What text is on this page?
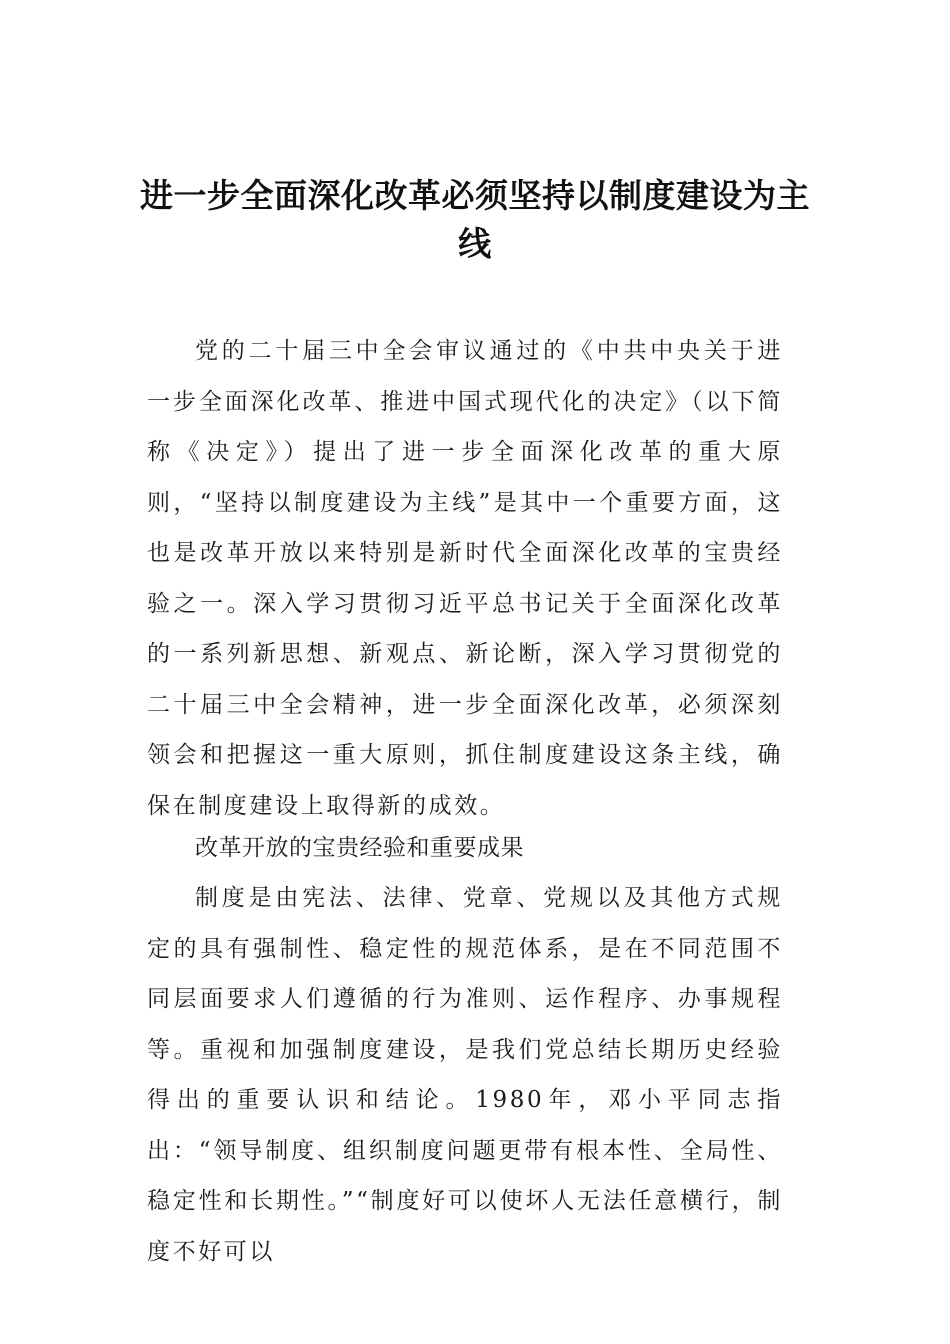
进一步全面深化改革必须坚持以制度建设为主线
党的二十届三中全会审议通过的《中共中央关于进一步全面深化改革、推进中国式现代化的决定》（以下简称《决定》）提出了进一步全面深化改革的重大原则，“坚持以制度建设为主线”是其中一个重要方面，这也是改革开放以来特别是新时代全面深化改革的宝贵经验之一。深入学习贯彻习近平总书记关于全面深化改革的一系列新思想、新观点、新论断，深入学习贯彻党的二十届三中全会精神，进一步全面深化改革，必须深刻领会和把握这一重大原则，抓住制度建设这条主线，确保在制度建设上取得新的成效。
改革开放的宝贵经验和重要成果
制度是由宪法、法律、党章、党规以及其他方式规定的具有强制性、稳定性的规范体系，是在不同范围不同层面要求人们遵循的行为准则、运作程序、办事规程等。重视和加强制度建设，是我们党总结长期历史经验得出的重要认识和结论。1980年，邓小平同志指出：“领导制度、组织制度问题更带有根本性、全局性、稳定性和长期性。”“制度好可以使坏人无法任意横行，制度不好可以
